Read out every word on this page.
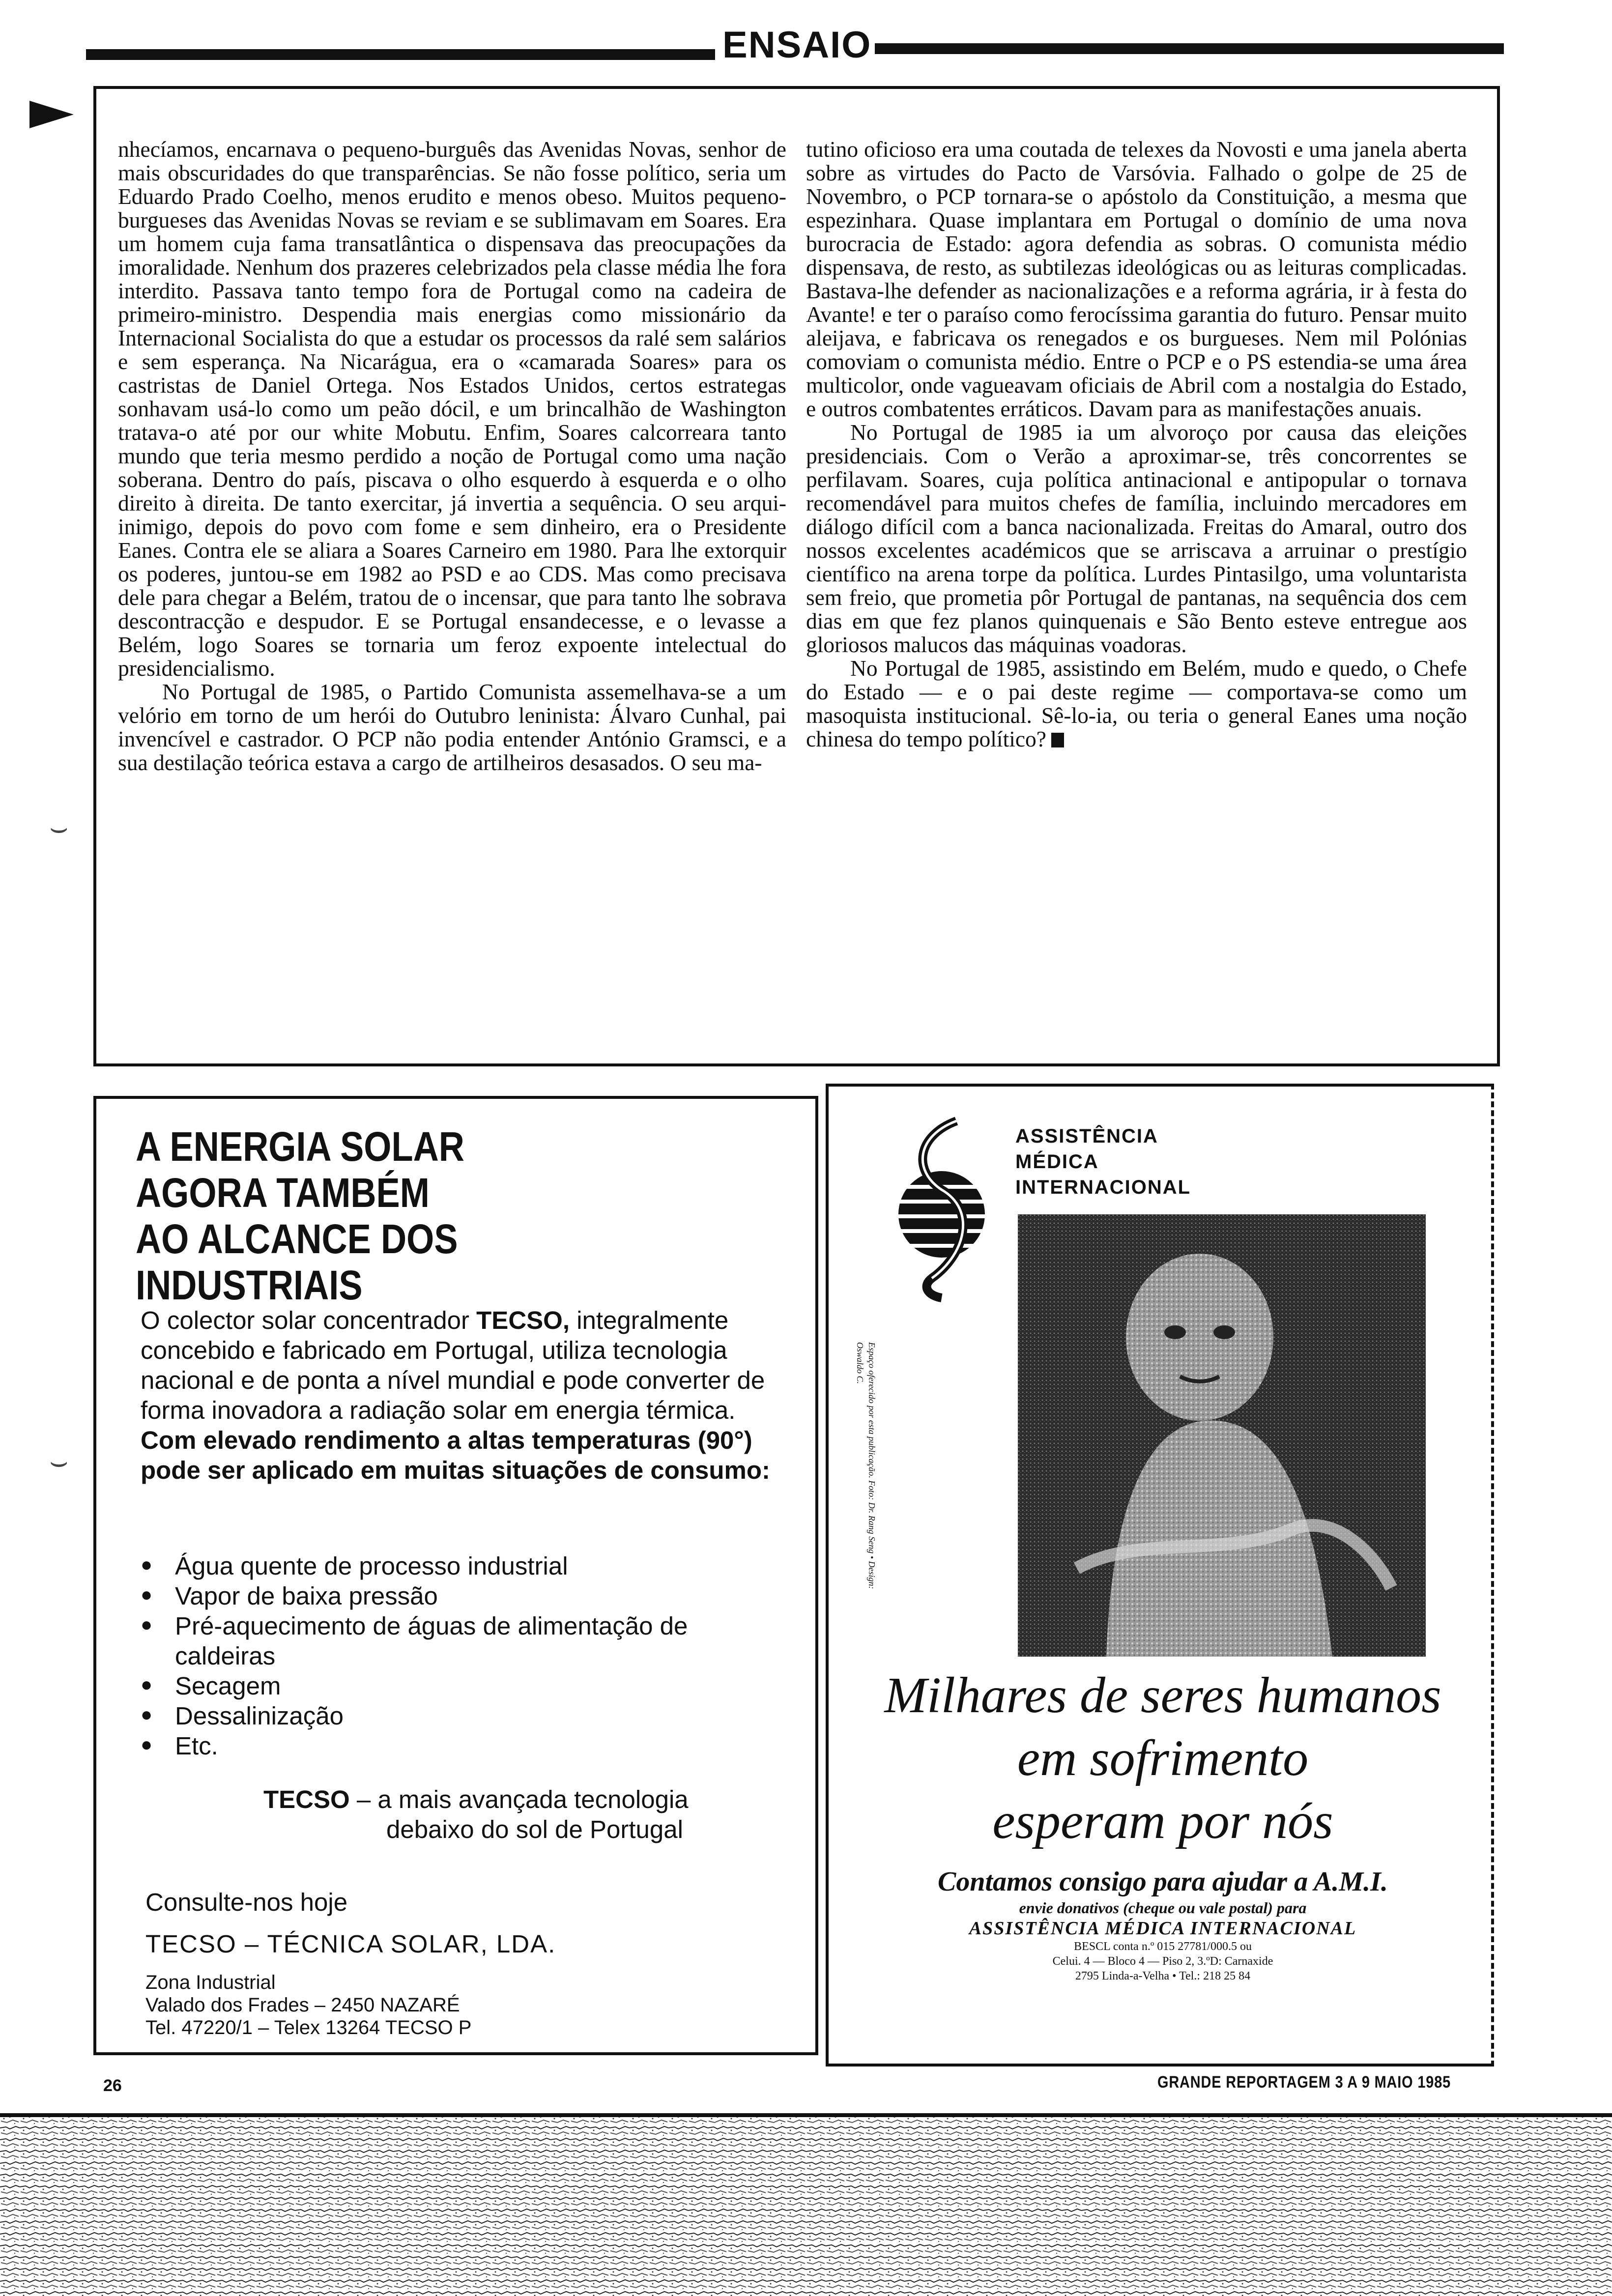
ENSAIO

nhecíamos, encarnava o pequeno-burguês das Avenidas Novas, senhor de mais obscuridades do que transparências. Se não fosse político, seria um Eduardo Prado Coelho, menos erudito e menos obeso. Muitos pequeno-burgueses das Avenidas Novas se reviam e se sublimavam em Soares. Era um homem cuja fama transatlântica o dispensava das preocupações da imoralidade. Nenhum dos prazeres celebrizados pela classe média lhe fora interdito. Passava tanto tempo fora de Portugal como na cadeira de primeiro-ministro. Despendia mais energias como missionário da Internacional Socialista do que a estudar os processos da ralé sem salários e sem esperança. Na Nicarágua, era o «camarada Soares» para os castristas de Daniel Ortega. Nos Estados Unidos, certos estrategas sonhavam usá-lo como um peão dócil, e um brincalhão de Washington tratava-o até por our white Mobutu. Enfim, Soares calcorreara tanto mundo que teria mesmo perdido a noção de Portugal como uma nação soberana. Dentro do país, piscava o olho esquerdo à esquerda e o olho direito à direita. De tanto exercitar, já invertia a sequência. O seu arqui-inimigo, depois do povo com fome e sem dinheiro, era o Presidente Eanes. Contra ele se aliara a Soares Carneiro em 1980. Para lhe extorquir os poderes, juntou-se em 1982 ao PSD e ao CDS. Mas como precisava dele para chegar a Belém, tratou de o incensar, que para tanto lhe sobrava descontracção e despudor. E se Portugal ensandecesse, e o levasse a Belém, logo Soares se tornaria um feroz expoente intelectual do presidencialismo.

No Portugal de 1985, o Partido Comunista assemelhava-se a um velório em torno de um herói do Outubro leninista: Álvaro Cunhal, pai invencível e castrador. O PCP não podia entender António Gramsci, e a sua destilação teórica estava a cargo de artilheiros desasados. O seu ma-

tutino oficioso era uma coutada de telexes da Novosti e uma janela aberta sobre as virtudes do Pacto de Varsóvia. Falhado o golpe de 25 de Novembro, o PCP tornara-se o apóstolo da Constituição, a mesma que espezinhara. Quase implantara em Portugal o domínio de uma nova burocracia de Estado: agora defendia as sobras. O comunista médio dispensava, de resto, as subtilezas ideológicas ou as leituras complicadas. Bastava-lhe defender as nacionalizações e a reforma agrária, ir à festa do Avante! e ter o paraíso como ferocíssima garantia do futuro. Pensar muito aleijava, e fabricava os renegados e os burgueses. Nem mil Polónias comoviam o comunista médio. Entre o PCP e o PS estendia-se uma área multicolor, onde vagueavam oficiais de Abril com a nostalgia do Estado, e outros combatentes erráticos. Davam para as manifestações anuais.

No Portugal de 1985 ia um alvoroço por causa das eleições presidenciais. Com o Verão a aproximar-se, três concorrentes se perfilavam. Soares, cuja política antinacional e antipopular o tornava recomendável para muitos chefes de família, incluindo mercadores em diálogo difícil com a banca nacionalizada. Freitas do Amaral, outro dos nossos excelentes académicos que se arriscava a arruinar o prestígio científico na arena torpe da política. Lurdes Pintasilgo, uma voluntarista sem freio, que prometia pôr Portugal de pantanas, na sequência dos cem dias em que fez planos quinquenais e São Bento esteve entregue aos gloriosos malucos das máquinas voadoras.

No Portugal de 1985, assistindo em Belém, mudo e quedo, o Chefe do Estado — e o pai deste regime — comportava-se como um masoquista institucional. Sê-lo-ia, ou teria o general Eanes uma noção chinesa do tempo político?

A ENERGIA SOLAR
AGORA TAMBÉM
AO ALCANCE DOS INDUSTRIAIS
O colector solar concentrador TECSO, integralmente concebido e fabricado em Portugal, utiliza tecnologia nacional e de ponta a nível mundial e pode converter de forma inovadora a radiação solar em energia térmica. Com elevado rendimento a altas temperaturas (90°) pode ser aplicado em muitas situações de consumo:
● Água quente de processo industrial
● Vapor de baixa pressão
● Pré-aquecimento de águas de alimentação de caldeiras
● Secagem
● Dessalinização
● Etc.
TECSO – a mais avançada tecnologia
debaixo do sol de Portugal
Consulte-nos hoje
TECSO – TÉCNICA SOLAR, LDA.
Zona Industrial
Valado dos Frades – 2450 NAZARÉ
Tel. 47220/1 – Telex 13264 TECSO P
ASSISTÊNCIA
MÉDICA
INTERNACIONAL
Espaço oferecido por esta publicação. Foto: Dr. Rang Seng • Design: Oswaldo C.
Milhares de seres humanos
em sofrimento
esperam por nós
Contamos consigo para ajudar a A.M.I.
envie donativos (cheque ou vale postal) para
ASSISTÊNCIA MÉDICA INTERNACIONAL
BESCL conta n.º 015 27781/000.5 ou
Celui. 4 — Bloco 4 — Piso 2, 3.ºD: Carnaxide
2795 Linda-a-Velha • Tel.: 218 25 84
⌣
⌣
26	GRANDE REPORTAGEM 3 A 9 MAIO 1985
